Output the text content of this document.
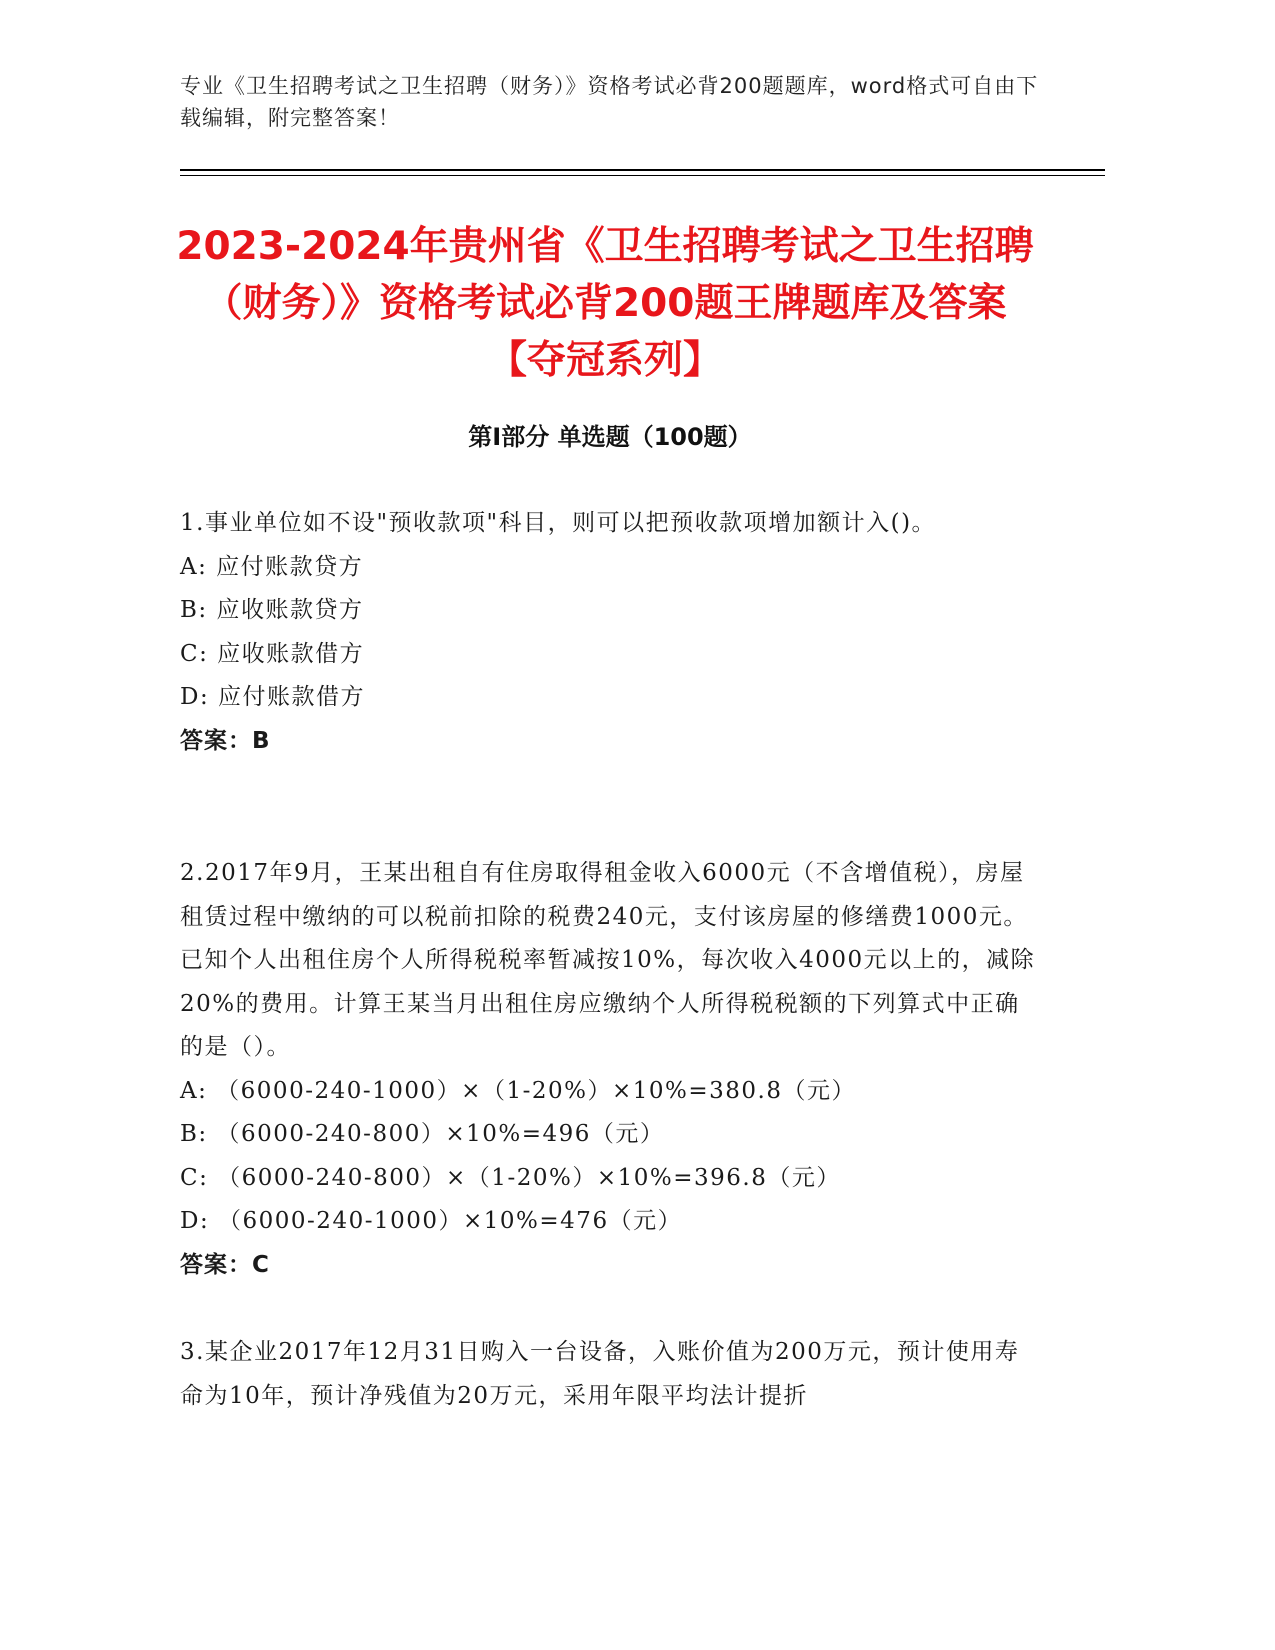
专业《卫生招聘考试之卫生招聘（财务）》资格考试必背200题题库，word格式可自由下载编辑，附完整答案！
2023-2024年贵州省《卫生招聘考试之卫生招聘（财务）》资格考试必背200题王牌题库及答案【夺冠系列】
第Ⅰ部分 单选题（100题）

1.事业单位如不设"预收款项"科目，则可以把预收款项增加额计入()。

A: 应付账款贷方

B: 应收账款贷方

C: 应收账款借方

D: 应付账款借方

答案：B

2.2017年9月，王某出租自有住房取得租金收入6000元（不含增值税），房屋租赁过程中缴纳的可以税前扣除的税费240元，支付该房屋的修缮费1000元。已知个人出租住房个人所得税税率暂减按10%，每次收入4000元以上的，减除20%的费用。计算王某当月出租住房应缴纳个人所得税税额的下列算式中正确的是（）。

A: （6000-240-1000）×（1-20%）×10%=380.8（元）

B: （6000-240-800）×10%=496（元）

C: （6000-240-800）×（1-20%）×10%=396.8（元）

D: （6000-240-1000）×10%=476（元）

答案：C

3.某企业2017年12月31日购入一台设备，入账价值为200万元，预计使用寿命为10年，预计净残值为20万元，采用年限平均法计提折
